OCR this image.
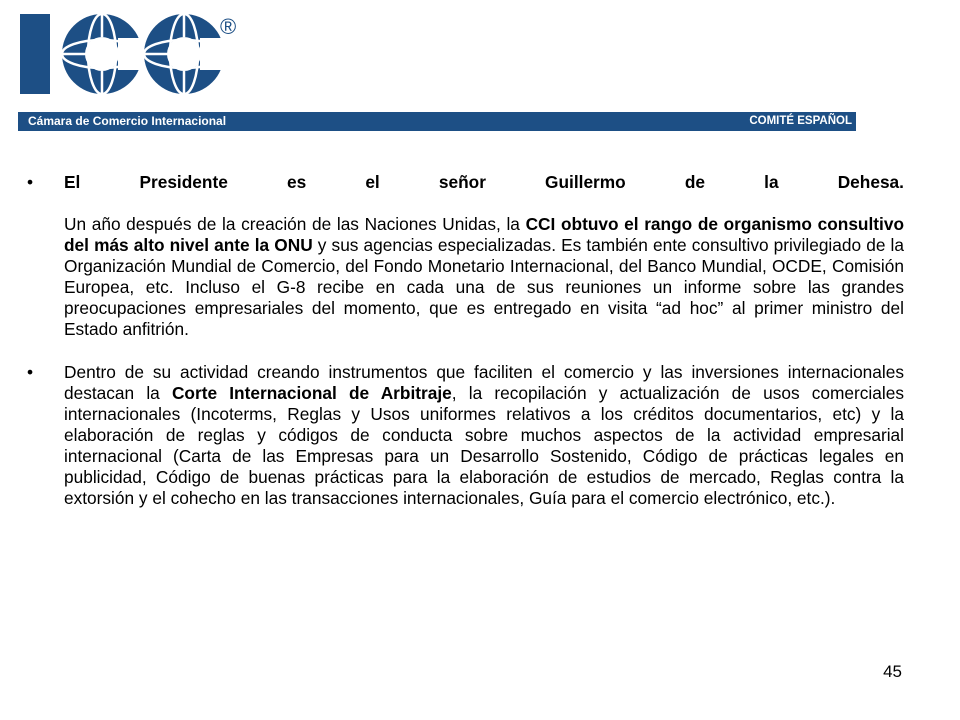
®
Cámara de Comercio Internacional	COMITÉ ESPAÑOL
• El	Presidente	es	el	señor	Guillermo	de	la	Dehesa.
Un año después de la creación de las Naciones Unidas, la CCI obtuvo el rango de organismo consultivo del más alto nivel ante la ONU y sus agencias especializadas. Es también ente consultivo privilegiado de la Organización Mundial de Comercio, del Fondo Monetario Internacional, del Banco Mundial, OCDE, Comisión Europea, etc. Incluso el G-8 recibe en cada una de sus reuniones un informe sobre las grandes preocupaciones empresariales del momento, que es entregado en visita “ad hoc” al primer ministro del Estado anfitrión.
• Dentro de su actividad creando instrumentos que faciliten el comercio y las inversiones internacionales destacan la Corte Internacional de Arbitraje, la recopilación y actualización de usos comerciales internacionales (Incoterms, Reglas y Usos uniformes relativos a los créditos documentarios, etc) y la elaboración de reglas y códigos de conducta sobre muchos aspectos de la actividad empresarial internacional (Carta de las Empresas para un Desarrollo Sostenido, Código de prácticas legales en publicidad, Código de buenas prácticas para la elaboración de estudios de mercado, Reglas contra la extorsión y el cohecho en las transacciones internacionales, Guía para el comercio electrónico, etc.).
45
